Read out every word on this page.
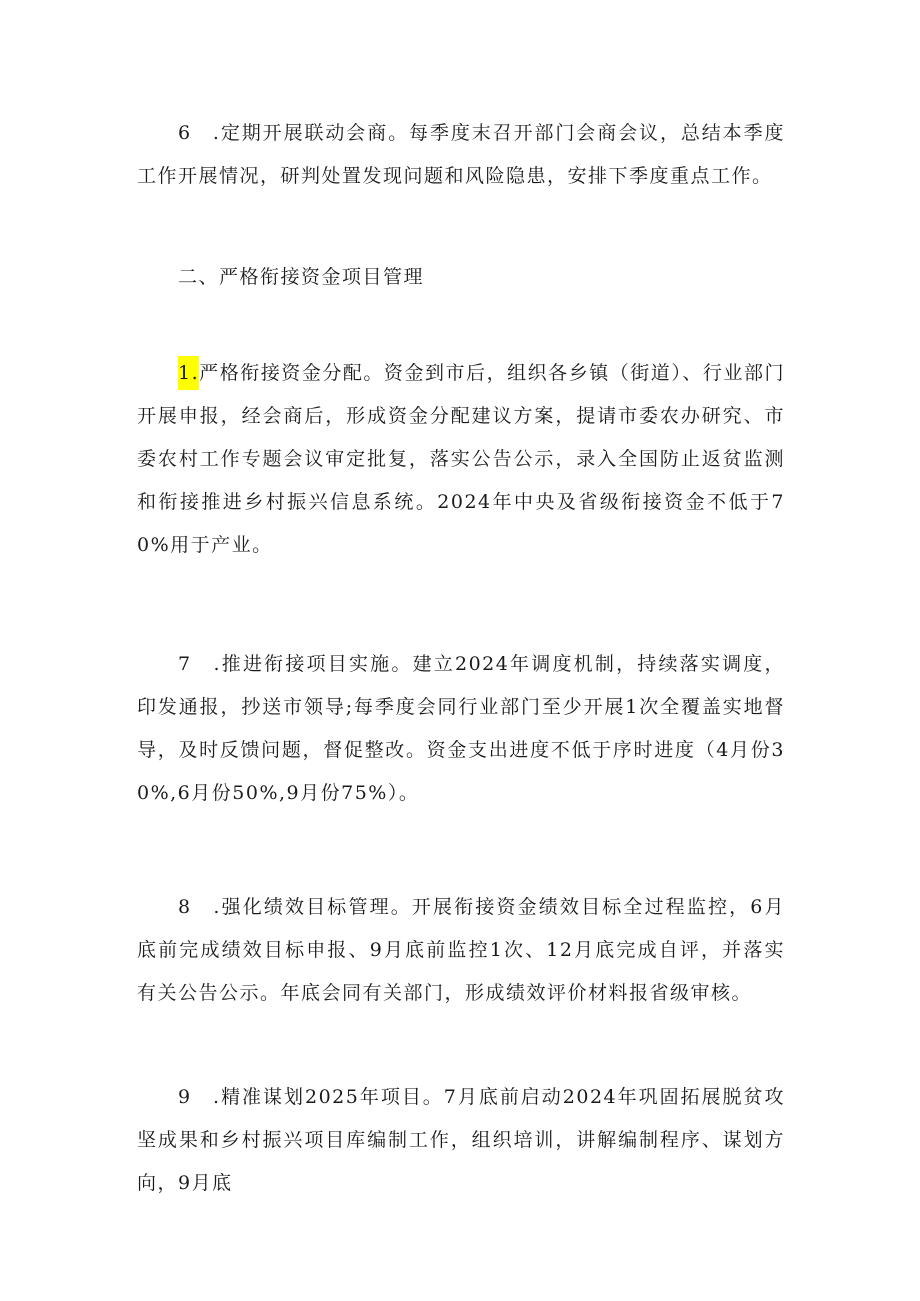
6　.定期开展联动会商。每季度末召开部门会商会议，总结本季度工作开展情况，研判处置发现问题和风险隐患，安排下季度重点工作。

二、严格衔接资金项目管理

1.严格衔接资金分配。资金到市后，组织各乡镇（街道）、行业部门开展申报，经会商后，形成资金分配建议方案，提请市委农办研究、市委农村工作专题会议审定批复，落实公告公示，录入全国防止返贫监测和衔接推进乡村振兴信息系统。2024年中央及省级衔接资金不低于70%用于产业。

7　.推进衔接项目实施。建立2024年调度机制，持续落实调度，印发通报，抄送市领导;每季度会同行业部门至少开展1次全覆盖实地督导，及时反馈问题，督促整改。资金支出进度不低于序时进度（4月份30%,6月份50%,9月份75%）。

8　.强化绩效目标管理。开展衔接资金绩效目标全过程监控，6月底前完成绩效目标申报、9月底前监控1次、12月底完成自评，并落实有关公告公示。年底会同有关部门，形成绩效评价材料报省级审核。

9　.精准谋划2025年项目。7月底前启动2024年巩固拓展脱贫攻坚成果和乡村振兴项目库编制工作，组织培训，讲解编制程序、谋划方向，9月底
